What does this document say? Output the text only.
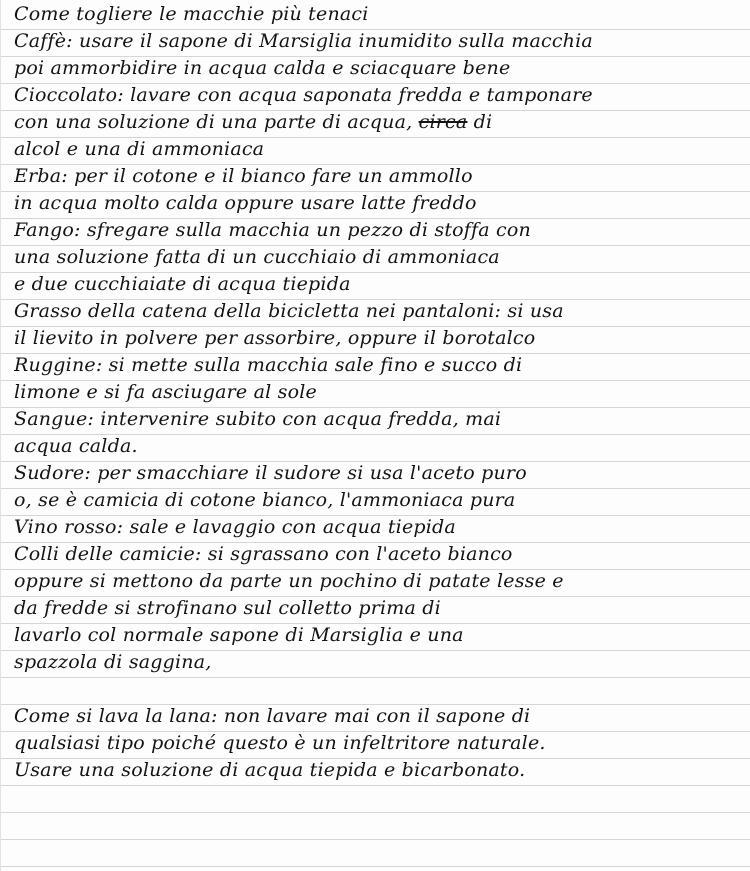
Come togliere le macchie più tenaci
Caffè: usare il sapone di Marsiglia inumidito sulla macchia
poi ammorbidire in acqua calda e sciacquare bene
Cioccolato: lavare con acqua saponata fredda e tamponare
con una soluzione di una parte di acqua, circa di
alcol e una di ammoniaca
Erba: per il cotone e il bianco fare un ammollo
in acqua molto calda oppure usare latte freddo
Fango: sfregare sulla macchia un pezzo di stoffa con
una soluzione fatta di un cucchiaio di ammoniaca
e due cucchiaiate di acqua tiepida
Grasso della catena della bicicletta nei pantaloni: si usa
il lievito in polvere per assorbire, oppure il borotalco
Ruggine: si mette sulla macchia sale fino e succo di
limone e si fa asciugare al sole
Sangue: intervenire subito con acqua fredda, mai
acqua calda.
Sudore: per smacchiare il sudore si usa l'aceto puro
o, se è camicia di cotone bianco, l'ammoniaca pura
Vino rosso: sale e lavaggio con acqua tiepida
Colli delle camicie: si sgrassano con l'aceto bianco
oppure si mettono da parte un pochino di patate lesse e
da fredde si strofinano sul colletto prima di
lavarlo col normale sapone di Marsiglia e una
spazzola di saggina,
Come si lava la lana: non lavare mai con il sapone di
qualsiasi tipo poiché questo è un infeltritore naturale.
Usare una soluzione di acqua tiepida e bicarbonato.
